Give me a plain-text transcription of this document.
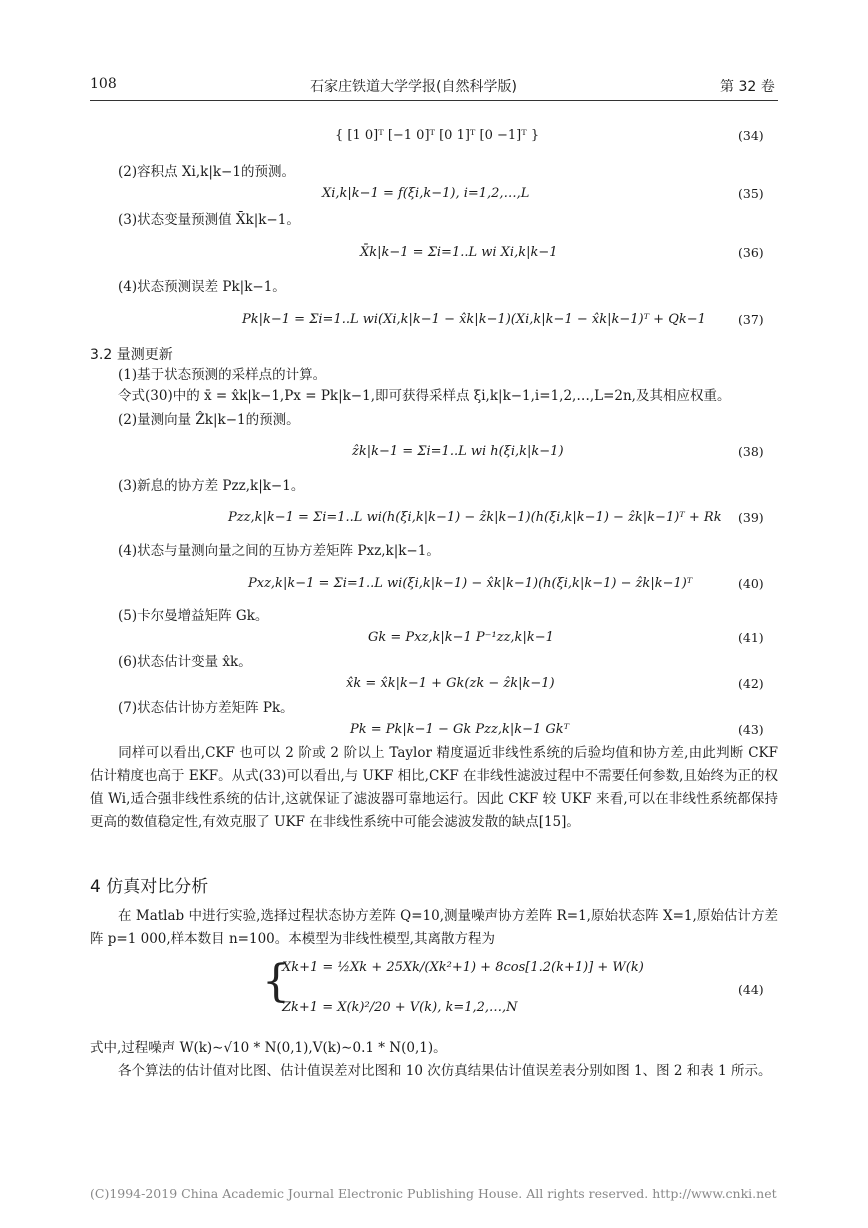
108	石家庄铁道大学学报(自然科学版)	第 32 卷
{ [1 0]ᵀ [−1 0]ᵀ [0 1]ᵀ [0 −1]ᵀ }	(34)
(2)容积点 Xi,k|k−1的预测。
Xi,k|k−1 = f(ξi,k−1), i=1,2,…,L	(35)
(3)状态变量预测值 X̄k|k−1。
X̄k|k−1 = Σi=1..L wi Xi,k|k−1	(36)
(4)状态预测误差 Pk|k−1。
Pk|k−1 = Σi=1..L wi(Xi,k|k−1 − x̂k|k−1)(Xi,k|k−1 − x̂k|k−1)ᵀ + Qk−1	(37)
3.2 量测更新
(1)基于状态预测的采样点的计算。
令式(30)中的 x̄ = x̂k|k−1,Px = Pk|k−1,即可获得采样点 ξi,k|k−1,i=1,2,…,L=2n,及其相应权重。
(2)量测向量 Ẑk|k−1的预测。
ẑk|k−1 = Σi=1..L wi h(ξi,k|k−1)	(38)
(3)新息的协方差 Pzz,k|k−1。
Pzz,k|k−1 = Σi=1..L wi(h(ξi,k|k−1) − ẑk|k−1)(h(ξi,k|k−1) − ẑk|k−1)ᵀ + Rk (39)
(4)状态与量测向量之间的互协方差矩阵 Pxz,k|k−1。
Pxz,k|k−1 = Σi=1..L wi(ξi,k|k−1) − x̂k|k−1)(h(ξi,k|k−1) − ẑk|k−1)ᵀ	(40)
(5)卡尔曼增益矩阵 Gk。
Gk = Pxz,k|k−1 P⁻¹zz,k|k−1	(41)
(6)状态估计变量 x̂k。
x̂k = x̂k|k−1 + Gk(zk − ẑk|k−1)	(42)
(7)状态估计协方差矩阵 Pk。
Pk = Pk|k−1 − Gk Pzz,k|k−1 Gkᵀ	(43)
同样可以看出,CKF 也可以 2 阶或 2 阶以上 Taylor 精度逼近非线性系统的后验均值和协方差,由此判断 CKF 估计精度也高于 EKF。从式(33)可以看出,与 UKF 相比,CKF 在非线性滤波过程中不需要任何参数,且始终为正的权值 Wi,适合强非线性系统的估计,这就保证了滤波器可靠地运行。因此 CKF 较 UKF 来看,可以在非线性系统都保持更高的数值稳定性,有效克服了 UKF 在非线性系统中可能会滤波发散的缺点[15]。
4 仿真对比分析
在 Matlab 中进行实验,选择过程状态协方差阵 Q=10,测量噪声协方差阵 R=1,原始状态阵 X=1,原始估计方差阵 p=1 000,样本数目 n=100。本模型为非线性模型,其离散方程为
{
Xk+1 = ½Xk + 25Xk/(Xk²+1) + 8cos[1.2(k+1)] + W(k)
Zk+1 = X(k)²/20 + V(k), k=1,2,…,N
(44)
式中,过程噪声 W(k)∼√10 * N(0,1),V(k)∼0.1 * N(0,1)。
各个算法的估计值对比图、估计值误差对比图和 10 次仿真结果估计值误差表分别如图 1、图 2 和表 1 所示。
(C)1994-2019 China Academic Journal Electronic Publishing House. All rights reserved. http://www.cnki.net
